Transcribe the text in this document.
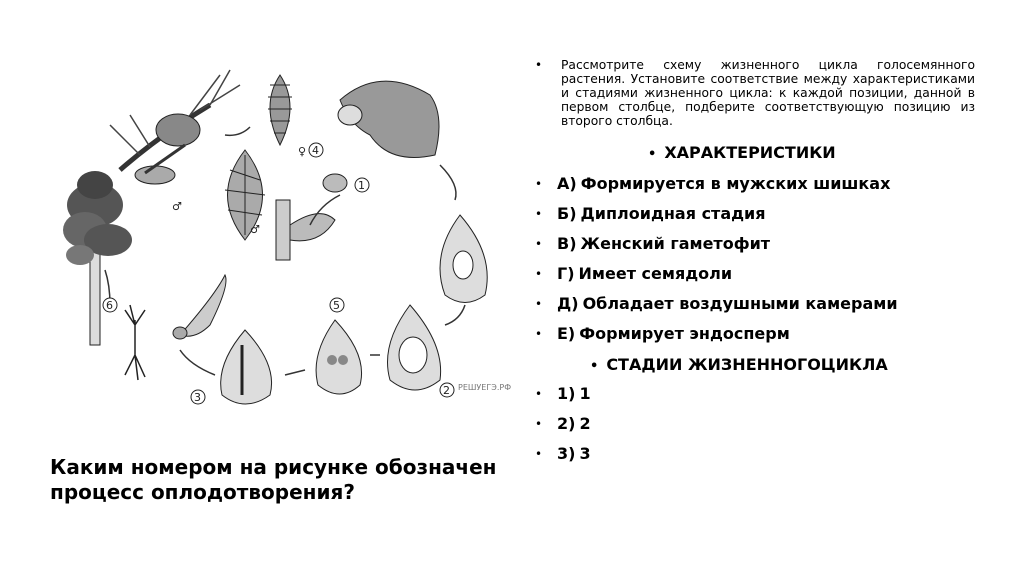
1
2
3
4
5
6
♀
♂
♂
РЕШУЕГЭ.РФ
Каким номером на рисунке обозначен процесс оплодотворения?
• Рассмотрите схему жизненного цикла голосемянного растения. Установите соответствие между характеристиками и стадиями жизненного цикла: к каждой позиции, данной в первом столбце, подберите соответствующую позицию из второго столбца.

• ХАРАКТЕРИСТИКИ
• А) Формируется в мужских шишках
• Б) Диплоидная стадия
• В) Женский гаметофит
• Г) Имеет семядоли
• Д) Обладает воздушными камерами
• Е) Формирует эндосперм
• СТАДИИ ЖИЗНЕННОГОЦИКЛА
• 1) 1
• 2) 2
• 3) 3
